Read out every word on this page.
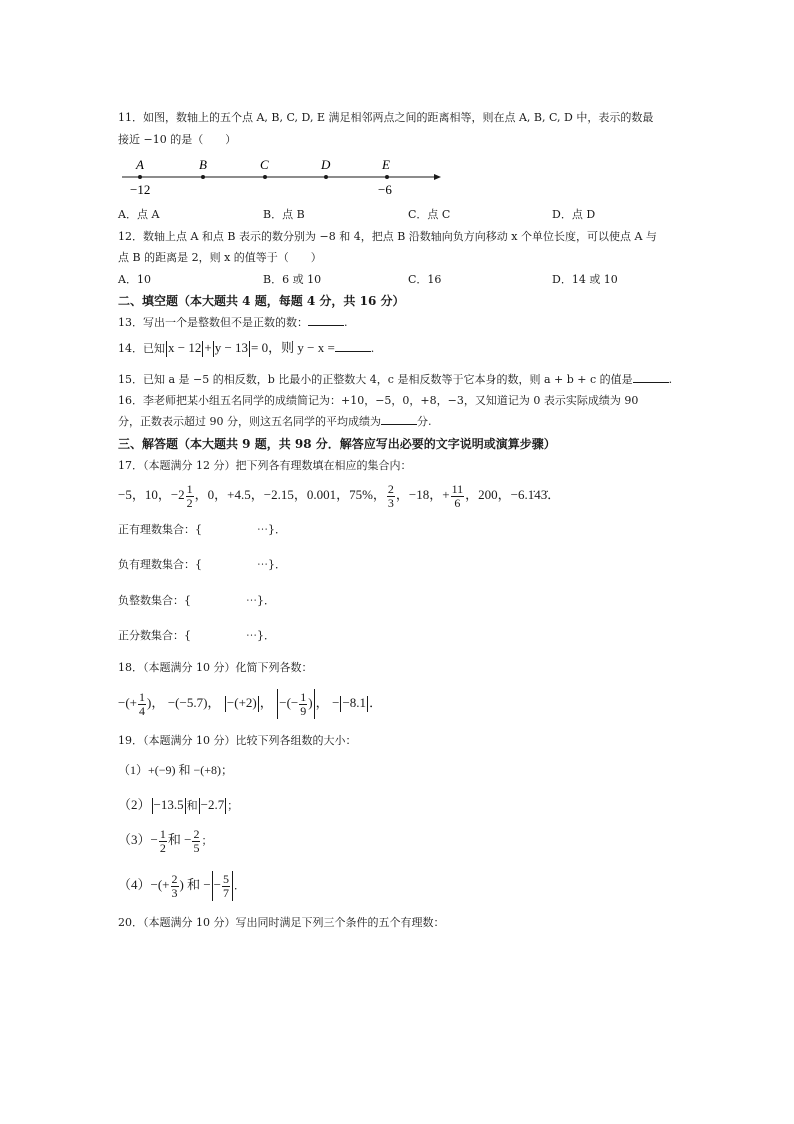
11．如图，数轴上的五个点 A, B, C, D, E 满足相邻两点之间的距离相等，则在点 A, B, C, D 中，表示的数最
接近 −10 的是（　　）
A	B	C	D	E
−12	−6
A．点 A	B．点 B	C．点 C	D．点 D
12．数轴上点 A 和点 B 表示的数分别为 −8 和 4，把点 B 沿数轴向负方向移动 x 个单位长度，可以使点 A 与
点 B 的距离是 2，则 x 的值等于（　　）
A．10	B．6 或 10	C．16	D．14 或 10
二、填空题（本大题共 4 题，每题 4 分，共 16 分）
13．写出一个是整数但不是正数的数：	.
14．已知 x − 12 + y − 13 = 0，则 y − x =	.
15．已知 a 是 −5 的相反数，b 比最小的正整数大 4，c 是相反数等于它本身的数，则 a + b + c 的值是	.
16．李老师把某小组五名同学的成绩简记为：+10，−5，0，+8，−3，又知道记为 0 表示实际成绩为 90
分，正数表示超过 90 分，则这五名同学的平均成绩为	分.
三、解答题（本大题共 9 题，共 98 分．解答应写出必要的文字说明或演算步骤）
17．（本题满分 12 分）把下列各有理数填在相应的集合内：
−5，10，$-2 \frac{1}{2}$ ，0，+4.5，−2.15，0.001，75%， $\frac{2}{3}$ ，−18，+ $\frac{11}{6}$ ，200，−6.1̇43̇．
正有理数集合：{　　　　　⋯}．
负有理数集合：{　　　　　⋯}．
负整数集合：{　　　　　⋯}．
正分数集合：{　　　　　⋯}．
18．（本题满分 10 分）化简下列各数：
−(+ $\frac{1}{4}$ )， −(−5.7)， −(+2) ， −(− $\frac{1}{9}$ ) ， − −8.1 ．
19．（本题满分 10 分）比较下列各组数的大小：
（1）+(−9) 和 −(+8)；
（2） −13.5 和 −2.7 ；
$(3)- \frac{1}{2}$ 和 − $\frac{2}{5}$ ；
$(4)-(+ \frac{2}{3}$ ) 和 − − $\frac{5}{7}$ ．
20．（本题满分 10 分）写出同时满足下列三个条件的五个有理数：
